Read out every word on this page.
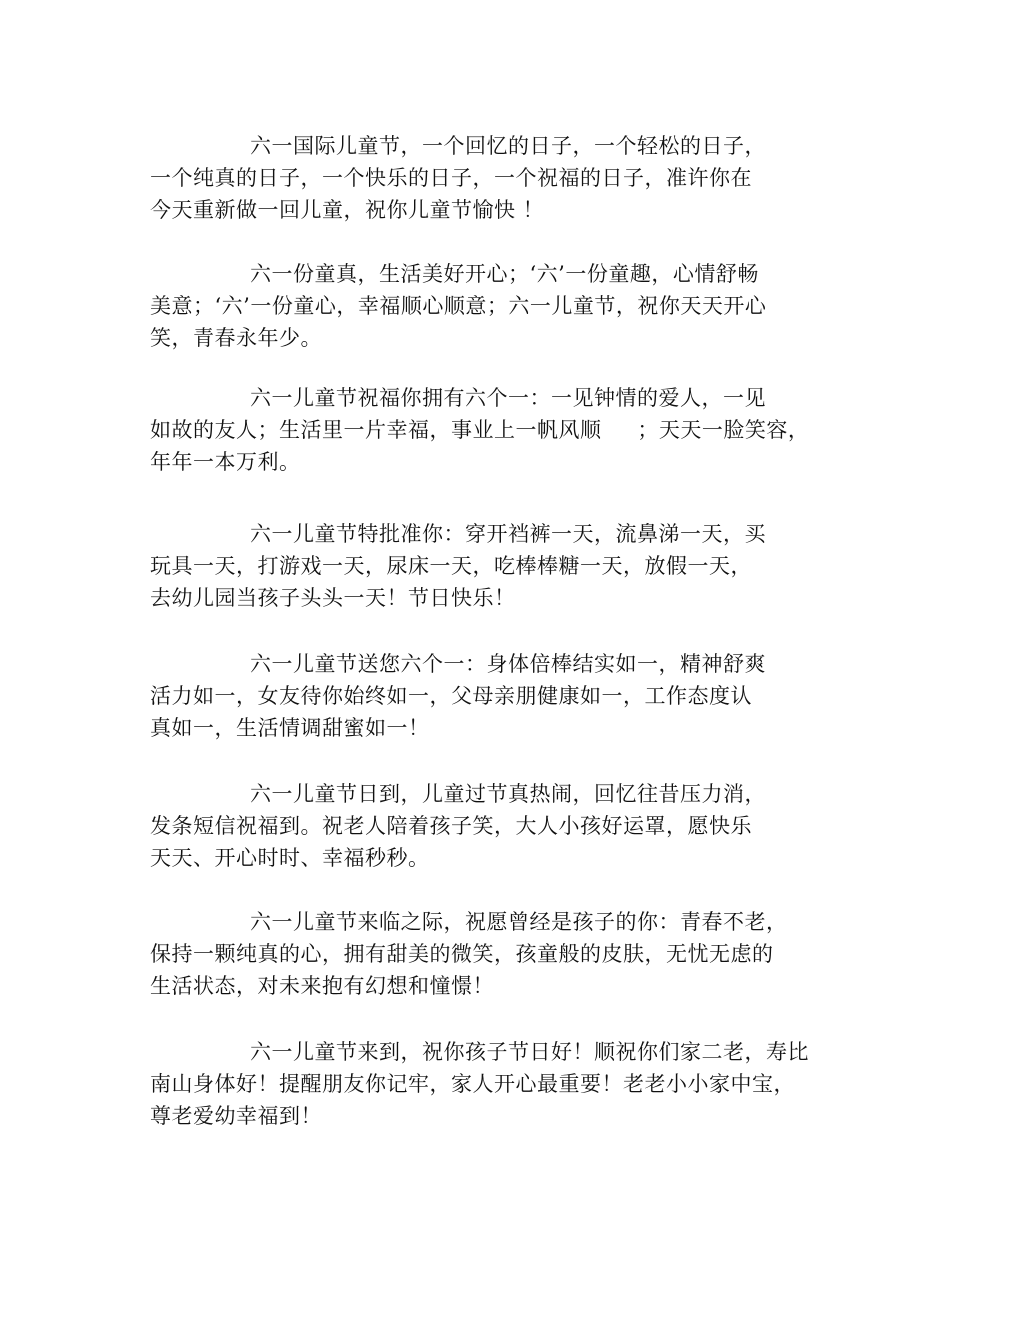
六一国际儿童节，一个回忆的日子，一个轻松的日子，
一个纯真的日子，一个快乐的日子，一个祝福的日子，准许你在
今天重新做一回儿童，祝你儿童节愉快 ！
六一份童真，生活美好开心；‘六’一份童趣，心情舒畅
美意；‘六’一份童心，幸福顺心顺意；六一儿童节，祝你天天开心
笑，青春永年少。
六一儿童节祝福你拥有六个一：一见钟情的爱人，一见
如故的友人；生活里一片幸福，事业上一帆风顺     ；天天一脸笑容，
年年一本万利。
六一儿童节特批准你：穿开裆裤一天，流鼻涕一天，买
玩具一天，打游戏一天，尿床一天，吃棒棒糖一天，放假一天，
去幼儿园当孩子头头一天！节日快乐！
六一儿童节送您六个一：身体倍棒结实如一，精神舒爽
活力如一，女友待你始终如一，父母亲朋健康如一，工作态度认
真如一，生活情调甜蜜如一！
六一儿童节日到，儿童过节真热闹，回忆往昔压力消，
发条短信祝福到。祝老人陪着孩子笑，大人小孩好运罩，愿快乐
天天、开心时时、幸福秒秒。
六一儿童节来临之际，祝愿曾经是孩子的你：青春不老，
保持一颗纯真的心，拥有甜美的微笑，孩童般的皮肤，无忧无虑的
生活状态，对未来抱有幻想和憧憬！
六一儿童节来到，祝你孩子节日好！顺祝你们家二老，寿比
南山身体好！提醒朋友你记牢，家人开心最重要！老老小小家中宝，
尊老爱幼幸福到！
